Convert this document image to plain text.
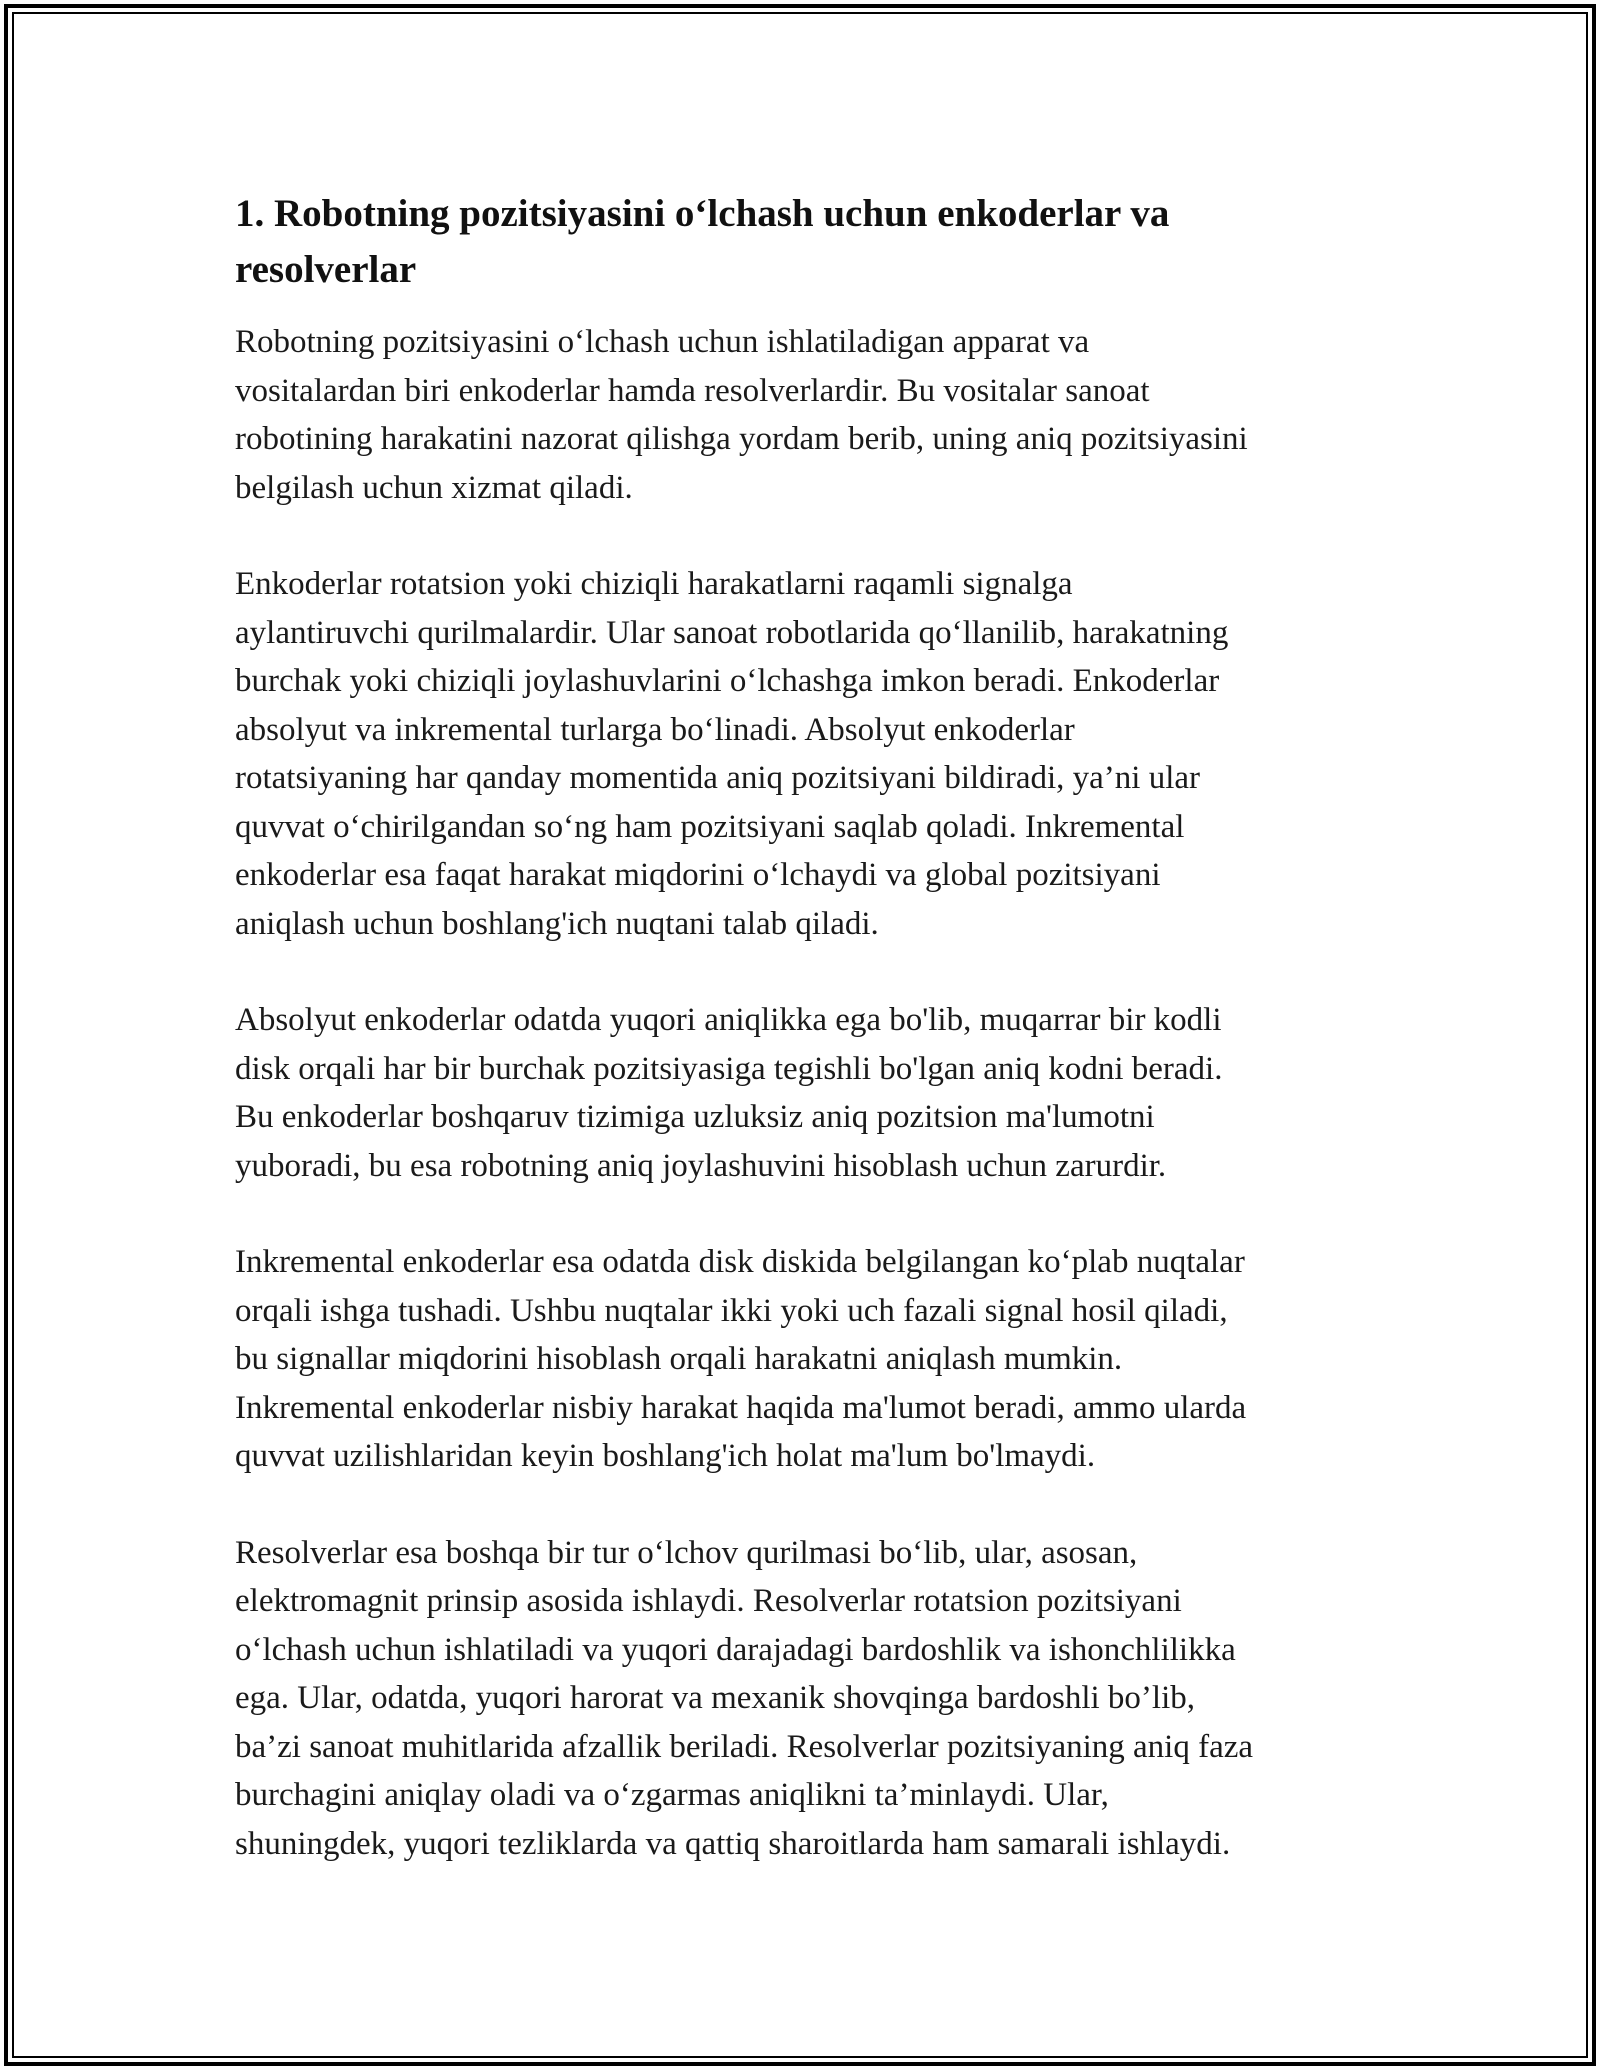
1. Robotning pozitsiyasini o‘lchash uchun enkoderlar va
resolverlar

Robotning pozitsiyasini o‘lchash uchun ishlatiladigan apparat va
vositalardan biri enkoderlar hamda resolverlardir. Bu vositalar sanoat
robotining harakatini nazorat qilishga yordam berib, uning aniq pozitsiyasini
belgilash uchun xizmat qiladi.

Enkoderlar rotatsion yoki chiziqli harakatlarni raqamli signalga
aylantiruvchi qurilmalardir. Ular sanoat robotlarida qo‘llanilib, harakatning
burchak yoki chiziqli joylashuvlarini o‘lchashga imkon beradi. Enkoderlar
absolyut va inkremental turlarga bo‘linadi. Absolyut enkoderlar
rotatsiyaning har qanday momentida aniq pozitsiyani bildiradi, ya’ni ular
quvvat o‘chirilgandan so‘ng ham pozitsiyani saqlab qoladi. Inkremental
enkoderlar esa faqat harakat miqdorini o‘lchaydi va global pozitsiyani
aniqlash uchun boshlang'ich nuqtani talab qiladi.

Absolyut enkoderlar odatda yuqori aniqlikka ega bo'lib, muqarrar bir kodli
disk orqali har bir burchak pozitsiyasiga tegishli bo'lgan aniq kodni beradi.
Bu enkoderlar boshqaruv tizimiga uzluksiz aniq pozitsion ma'lumotni
yuboradi, bu esa robotning aniq joylashuvini hisoblash uchun zarurdir.

Inkremental enkoderlar esa odatda disk diskida belgilangan ko‘plab nuqtalar
orqali ishga tushadi. Ushbu nuqtalar ikki yoki uch fazali signal hosil qiladi,
bu signallar miqdorini hisoblash orqali harakatni aniqlash mumkin.
Inkremental enkoderlar nisbiy harakat haqida ma'lumot beradi, ammo ularda
quvvat uzilishlaridan keyin boshlang'ich holat ma'lum bo'lmaydi.

Resolverlar esa boshqa bir tur o‘lchov qurilmasi bo‘lib, ular, asosan,
elektromagnit prinsip asosida ishlaydi. Resolverlar rotatsion pozitsiyani
o‘lchash uchun ishlatiladi va yuqori darajadagi bardoshlik va ishonchlilikka
ega. Ular, odatda, yuqori harorat va mexanik shovqinga bardoshli bo’lib,
ba’zi sanoat muhitlarida afzallik beriladi. Resolverlar pozitsiyaning aniq faza
burchagini aniqlay oladi va o‘zgarmas aniqlikni ta’minlaydi. Ular,
shuningdek, yuqori tezliklarda va qattiq sharoitlarda ham samarali ishlaydi.
